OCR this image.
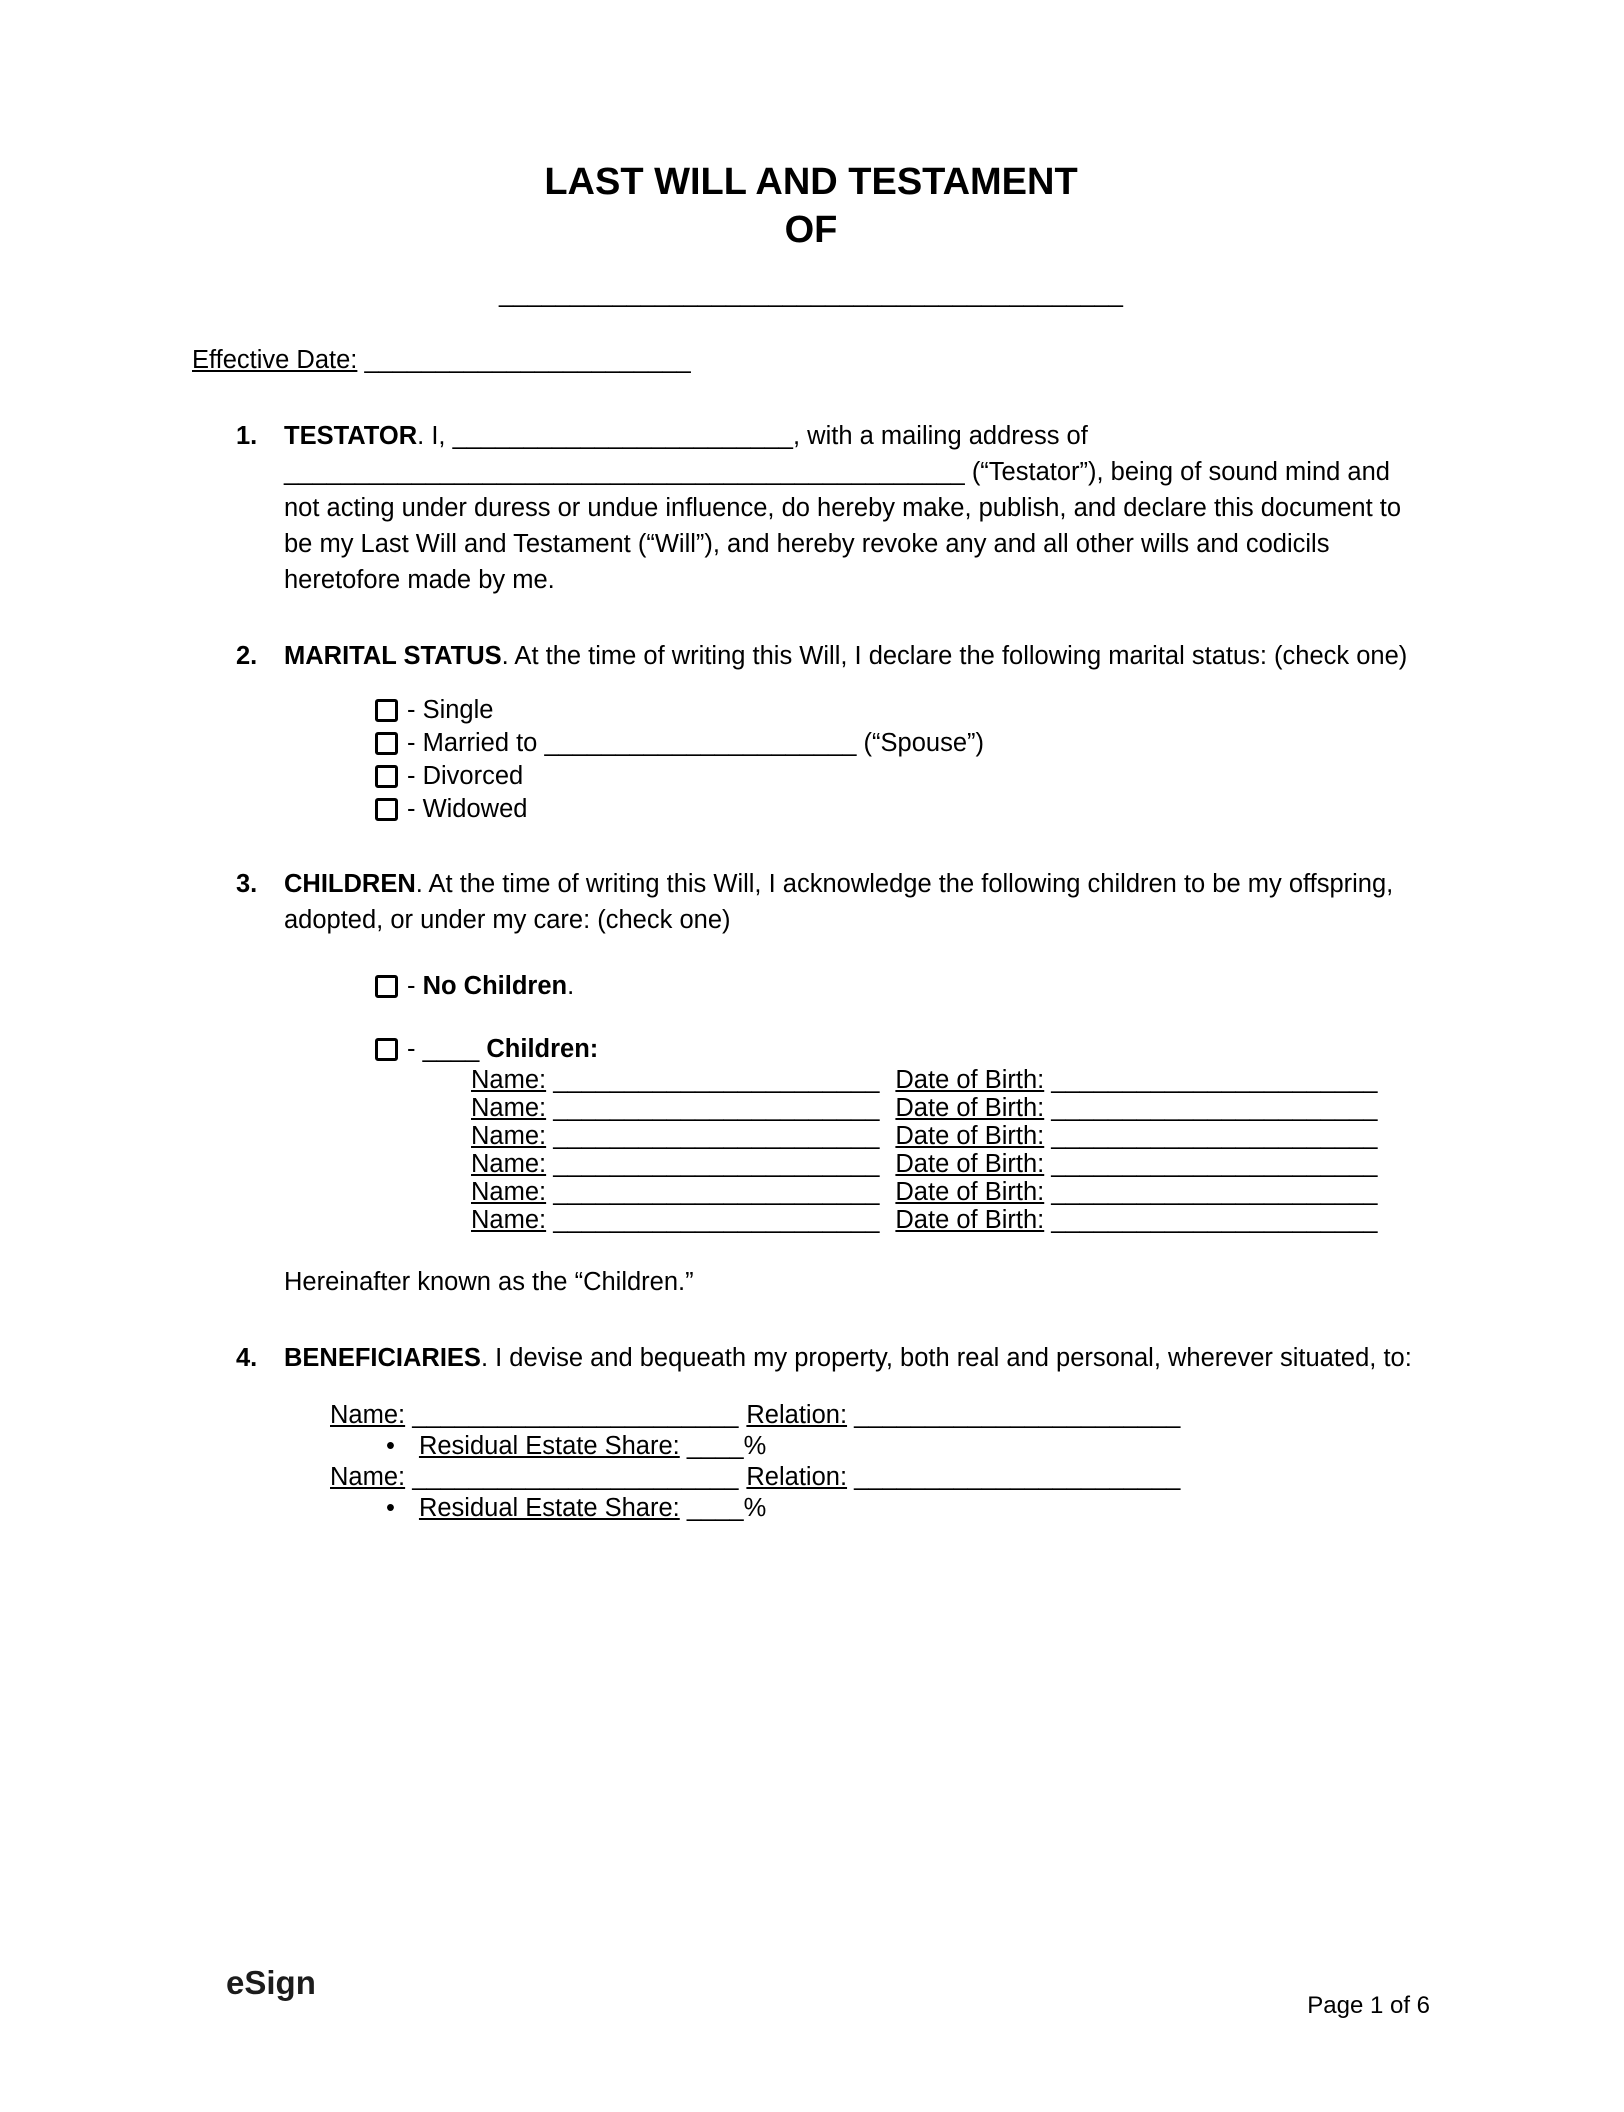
LAST WILL AND TESTAMENT
OF
____________________________________________
Effective Date: _______________________
1.	TESTATOR. I, ________________________, with a mailing address of ________________________________________________ (“Testator”), being of sound mind and not acting under duress or undue influence, do hereby make, publish, and declare this document to be my Last Will and Testament (“Will”), and hereby revoke any and all other wills and codicils heretofore made by me.

2.	MARITAL STATUS. At the time of writing this Will, I declare the following marital status: (check one)

- Single
- Married to ______________________ (“Spouse”)
- Divorced
- Widowed
3.	CHILDREN. At the time of writing this Will, I acknowledge the following children to be my offspring, adopted, or under my care: (check one)

- No Children.
- ____ Children:
Name: _______________________ Date of Birth: _______________________
Name: _______________________ Date of Birth: _______________________
Name: _______________________ Date of Birth: _______________________
Name: _______________________ Date of Birth: _______________________
Name: _______________________ Date of Birth: _______________________
Name: _______________________ Date of Birth: _______________________

Hereinafter known as the “Children.”

4.	BENEFICIARIES. I devise and bequeath my property, both real and personal, wherever situated, to:

Name: _______________________ Relation: _______________________
• Residual Estate Share: ____%
Name: _______________________ Relation: _______________________
• Residual Estate Share: ____%
eSign
Page 1 of 6
